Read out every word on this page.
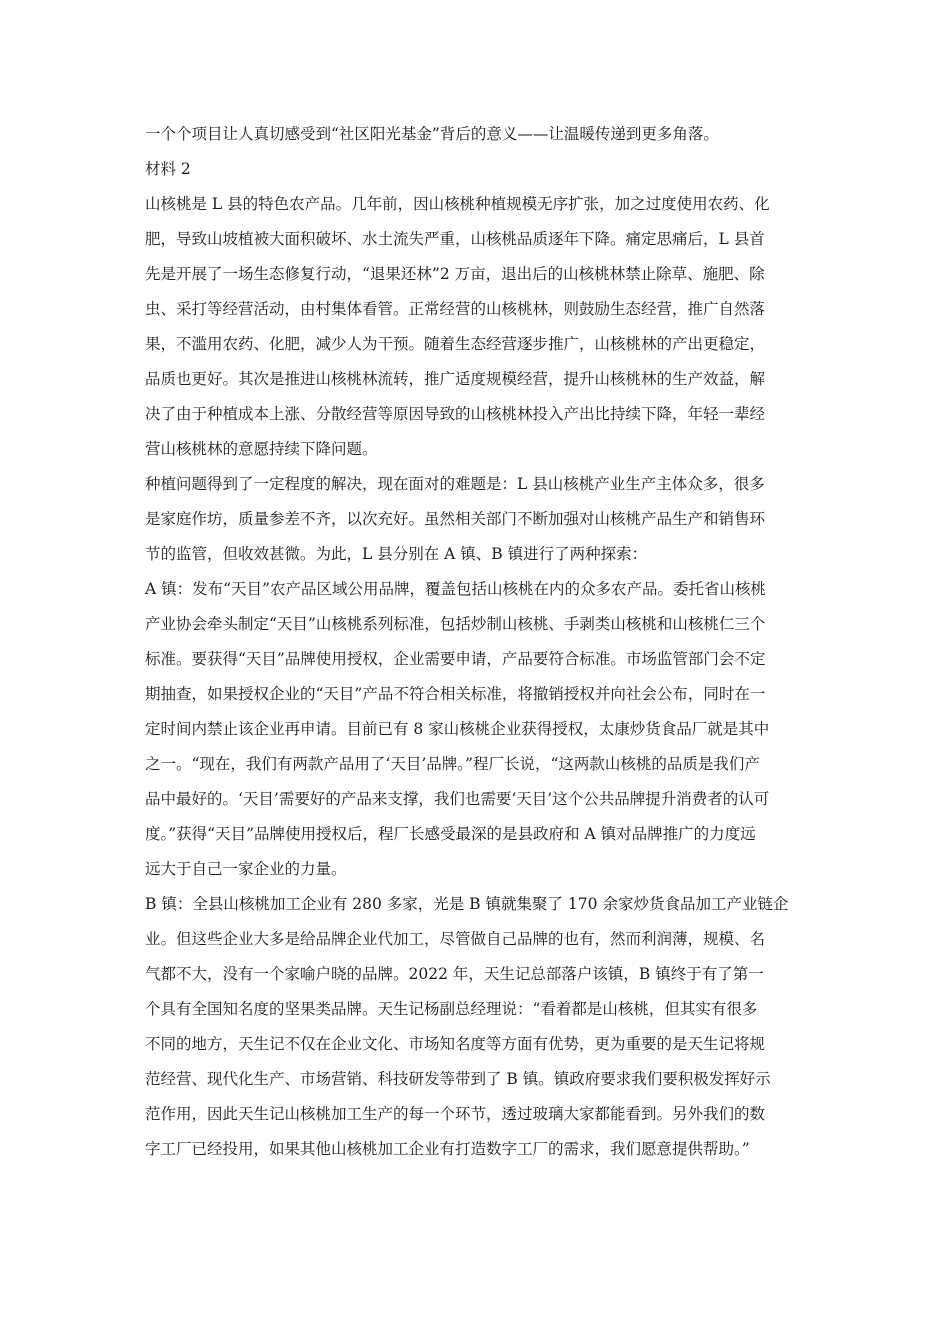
一个个项目让人真切感受到“社区阳光基金”背后的意义——让温暖传递到更多角落。
材料 2
山核桃是 L 县的特色农产品。几年前，因山核桃种植规模无序扩张，加之过度使用农药、化
肥，导致山坡植被大面积破坏、水土流失严重，山核桃品质逐年下降。痛定思痛后，L 县首
先是开展了一场生态修复行动，“退果还林”2 万亩，退出后的山核桃林禁止除草、施肥、除
虫、采打等经营活动，由村集体看管。正常经营的山核桃林，则鼓励生态经营，推广自然落
果，不滥用农药、化肥，减少人为干预。随着生态经营逐步推广，山核桃林的产出更稳定，
品质也更好。其次是推进山核桃林流转，推广适度规模经营，提升山核桃林的生产效益，解
决了由于种植成本上涨、分散经营等原因导致的山核桃林投入产出比持续下降，年轻一辈经
营山核桃林的意愿持续下降问题。
种植问题得到了一定程度的解决，现在面对的难题是：L 县山核桃产业生产主体众多，很多
是家庭作坊，质量参差不齐，以次充好。虽然相关部门不断加强对山核桃产品生产和销售环
节的监管，但收效甚微。为此，L 县分别在 A 镇、B 镇进行了两种探索：
A 镇：发布“天目”农产品区域公用品牌，覆盖包括山核桃在内的众多农产品。委托省山核桃
产业协会牵头制定“天目”山核桃系列标准，包括炒制山核桃、手剥类山核桃和山核桃仁三个
标准。要获得“天目”品牌使用授权，企业需要申请，产品要符合标准。市场监管部门会不定
期抽查，如果授权企业的“天目”产品不符合相关标准，将撤销授权并向社会公布，同时在一
定时间内禁止该企业再申请。目前已有 8 家山核桃企业获得授权，太康炒货食品厂就是其中
之一。“现在，我们有两款产品用了‘天目’品牌。”程厂长说，“这两款山核桃的品质是我们产
品中最好的。‘天目’需要好的产品来支撑，我们也需要‘天目’这个公共品牌提升消费者的认可
度。”获得“天目”品牌使用授权后，程厂长感受最深的是县政府和 A 镇对品牌推广的力度远
远大于自己一家企业的力量。
B 镇：全县山核桃加工企业有 280 多家，光是 B 镇就集聚了 170 余家炒货食品加工产业链企
业。但这些企业大多是给品牌企业代加工，尽管做自己品牌的也有，然而利润薄，规模、名
气都不大，没有一个家喻户晓的品牌。2022 年，天生记总部落户该镇，B 镇终于有了第一
个具有全国知名度的坚果类品牌。天生记杨副总经理说：“看着都是山核桃，但其实有很多
不同的地方，天生记不仅在企业文化、市场知名度等方面有优势，更为重要的是天生记将规
范经营、现代化生产、市场营销、科技研发等带到了 B 镇。镇政府要求我们要积极发挥好示
范作用，因此天生记山核桃加工生产的每一个环节，透过玻璃大家都能看到。另外我们的数
字工厂已经投用，如果其他山核桃加工企业有打造数字工厂的需求，我们愿意提供帮助。”
